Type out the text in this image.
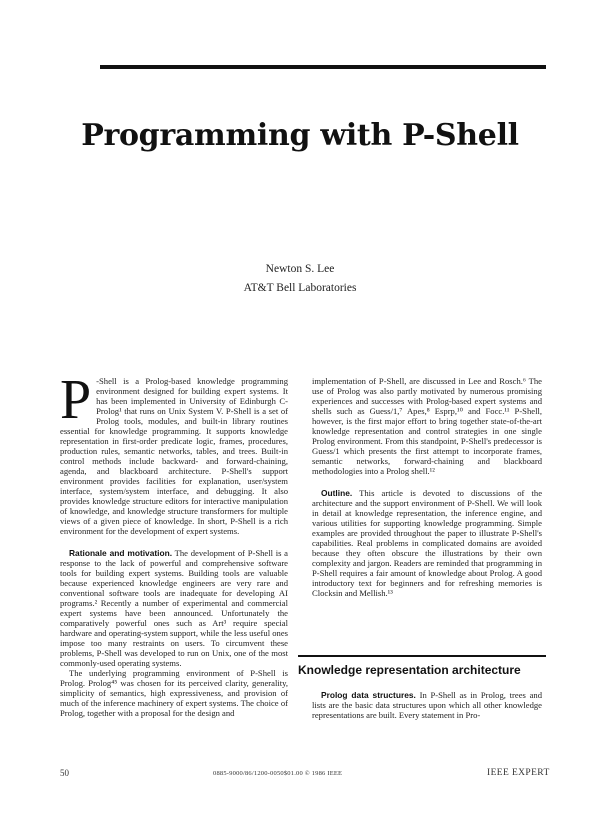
Programming with P-Shell
Newton S. Lee
AT&T Bell Laboratories

P -Shell is a Prolog-based knowledge programming environment designed for building expert systems. It has been implemented in University of Edinburgh C-Prolog¹ that runs on Unix System V. P-Shell is a set of Prolog tools, modules, and built-in library routines essential for knowledge programming. It supports knowledge representation in first-order predicate logic, frames, procedures, production rules, semantic networks, tables, and trees. Built-in control methods include backward- and forward-chaining, agenda, and blackboard architecture. P-Shell's support environment provides facilities for explanation, user/system interface, system/system interface, and debugging. It also provides knowledge structure editors for interactive manipulation of knowledge, and knowledge structure transformers for multiple views of a given piece of knowledge. In short, P-Shell is a rich environment for the development of expert systems.

Rationale and motivation. The development of P-Shell is a response to the lack of powerful and comprehensive software tools for building expert systems. Building tools are valuable because experienced knowledge engineers are very rare and conventional software tools are inadequate for developing AI programs.² Recently a number of experimental and commercial expert systems have been announced. Unfortunately the comparatively powerful ones such as Art³ require special hardware and operating-system support, while the less useful ones impose too many restraints on users. To circumvent these problems, P-Shell was developed to run on Unix, one of the most commonly-used operating systems.

The underlying programming environment of P-Shell is Prolog. Prolog⁴⁵ was chosen for its perceived clarity, generality, simplicity of semantics, high expressiveness, and provision of much of the inference machinery of expert systems. The choice of Prolog, together with a proposal for the design and

implementation of P-Shell, are discussed in Lee and Rosch.⁶ The use of Prolog was also partly motivated by numerous promising experiences and successes with Prolog-based expert systems and shells such as Guess/1,⁷ Apes,⁸ Esprp,¹⁰ and Focc.¹¹ P-Shell, however, is the first major effort to bring together state-of-the-art knowledge representation and control strategies in one single Prolog environment. From this standpoint, P-Shell's predecessor is Guess/1 which presents the first attempt to incorporate frames, semantic networks, forward-chaining and blackboard methodologies into a Prolog shell.¹²

Outline. This article is devoted to discussions of the architecture and the support environment of P-Shell. We will look in detail at knowledge representation, the inference engine, and various utilities for supporting knowledge programming. Simple examples are provided throughout the paper to illustrate P-Shell's capabilities. Real problems in complicated domains are avoided because they often obscure the illustrations by their own complexity and jargon. Readers are reminded that programming in P-Shell requires a fair amount of knowledge about Prolog. A good introductory text for beginners and for refreshing memories is Clocksin and Mellish.¹³

Knowledge representation architecture

Prolog data structures. In P-Shell as in Prolog, trees and lists are the basic data structures upon which all other knowledge representations are built. Every statement in Pro-

50	0885-9000/86/1200-0050$01.00 © 1986 IEEE	IEEE EXPERT
